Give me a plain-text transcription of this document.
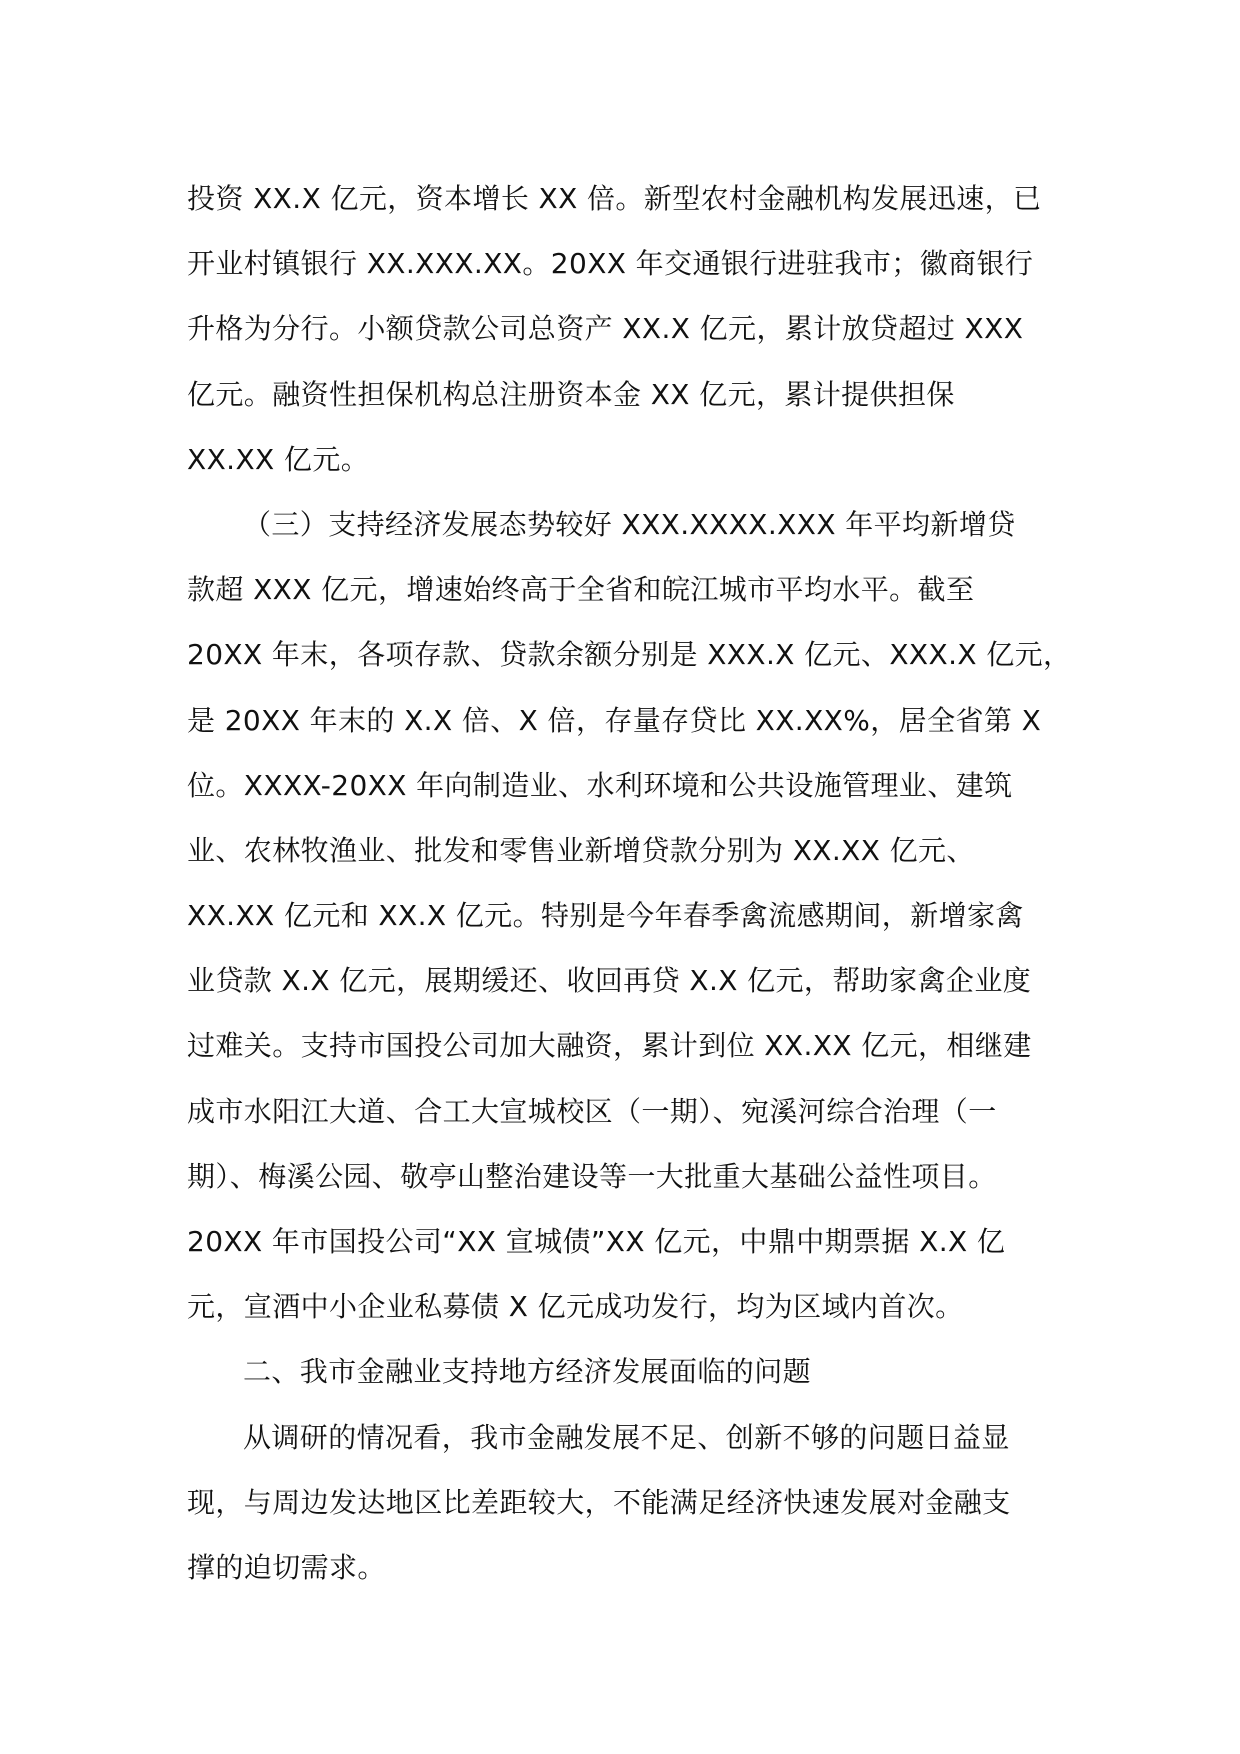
投资 XX.X 亿元，资本增长 XX 倍。新型农村金融机构发展迅速，已
开业村镇银行 XX.XXX.XX。20XX 年交通银行进驻我市；徽商银行
升格为分行。小额贷款公司总资产 XX.X 亿元，累计放贷超过 XXX
亿元。融资性担保机构总注册资本金 XX 亿元，累计提供担保
XX.XX 亿元。
（三）支持经济发展态势较好 XXX.XXXX.XXX 年平均新增贷
款超 XXX 亿元，增速始终高于全省和皖江城市平均水平。截至
20XX 年末，各项存款、贷款余额分别是 XXX.X 亿元、XXX.X 亿元，
是 20XX 年末的 X.X 倍、X 倍，存量存贷比 XX.XX%，居全省第 X
位。XXXX-20XX 年向制造业、水利环境和公共设施管理业、建筑
业、农林牧渔业、批发和零售业新增贷款分别为 XX.XX 亿元、
XX.XX 亿元和 XX.X 亿元。特别是今年春季禽流感期间，新增家禽
业贷款 X.X 亿元，展期缓还、收回再贷 X.X 亿元，帮助家禽企业度
过难关。支持市国投公司加大融资，累计到位 XX.XX 亿元，相继建
成市水阳江大道、合工大宣城校区（一期）、宛溪河综合治理（一
期）、梅溪公园、敬亭山整治建设等一大批重大基础公益性项目。
20XX 年市国投公司“XX 宣城债”XX 亿元，中鼎中期票据 X.X 亿
元，宣酒中小企业私募债 X 亿元成功发行，均为区域内首次。
二、我市金融业支持地方经济发展面临的问题
从调研的情况看，我市金融发展不足、创新不够的问题日益显
现，与周边发达地区比差距较大，不能满足经济快速发展对金融支
撑的迫切需求。
